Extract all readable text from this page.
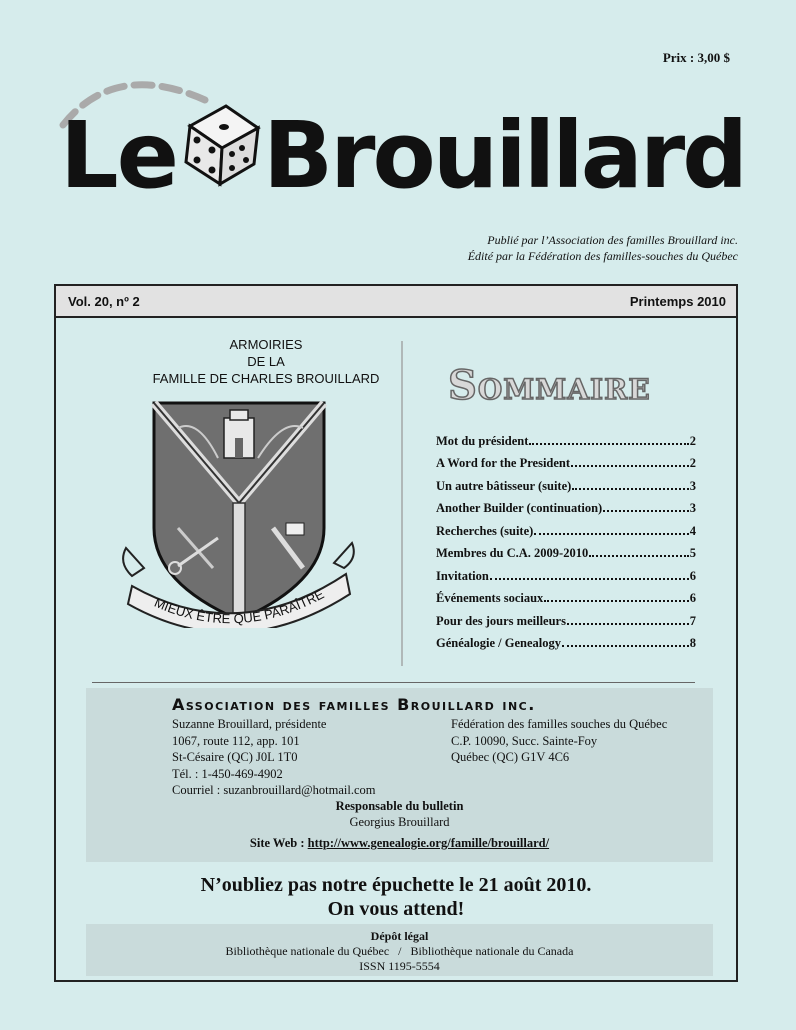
Prix : 3,00 $
Le Brouillard
Publié par l’Association des familles Brouillard inc.
Édité par la Fédération des familles-souches du Québec
Vol. 20, nº 2	Printemps 2010
ARMOIRIES
DE LA
FAMILLE DE CHARLES BROUILLARD
MIEUX ÊTRE QUE PARAÎTRE
Sommaire
Mot du président	2
A Word for the President	2
Un autre bâtisseur (suite)	3
Another Builder (continuation)	3
Recherches (suite)	4
Membres du C.A. 2009-2010	5
Invitation	6
Événements sociaux	6
Pour des jours meilleurs	7
Généalogie / Genealogy	8
Association des familles Brouillard inc.
Suzanne Brouillard, présidente
1067, route 112, app. 101
St-Césaire (QC) J0L 1T0
Tél. : 1-450-469-4902
Courriel : suzanbrouillard@hotmail.com
Fédération des familles souches du Québec
C.P. 10090, Succ. Sainte-Foy
Québec (QC) G1V 4C6
Responsable du bulletin
Georgius Brouillard
Site Web : http://www.genealogie.org/famille/brouillard/
N’oubliez pas notre épuchette le 21 août 2010.
On vous attend!
Dépôt légal
Bibliothèque nationale du Québec   /   Bibliothèque nationale du Canada
ISSN 1195-5554
